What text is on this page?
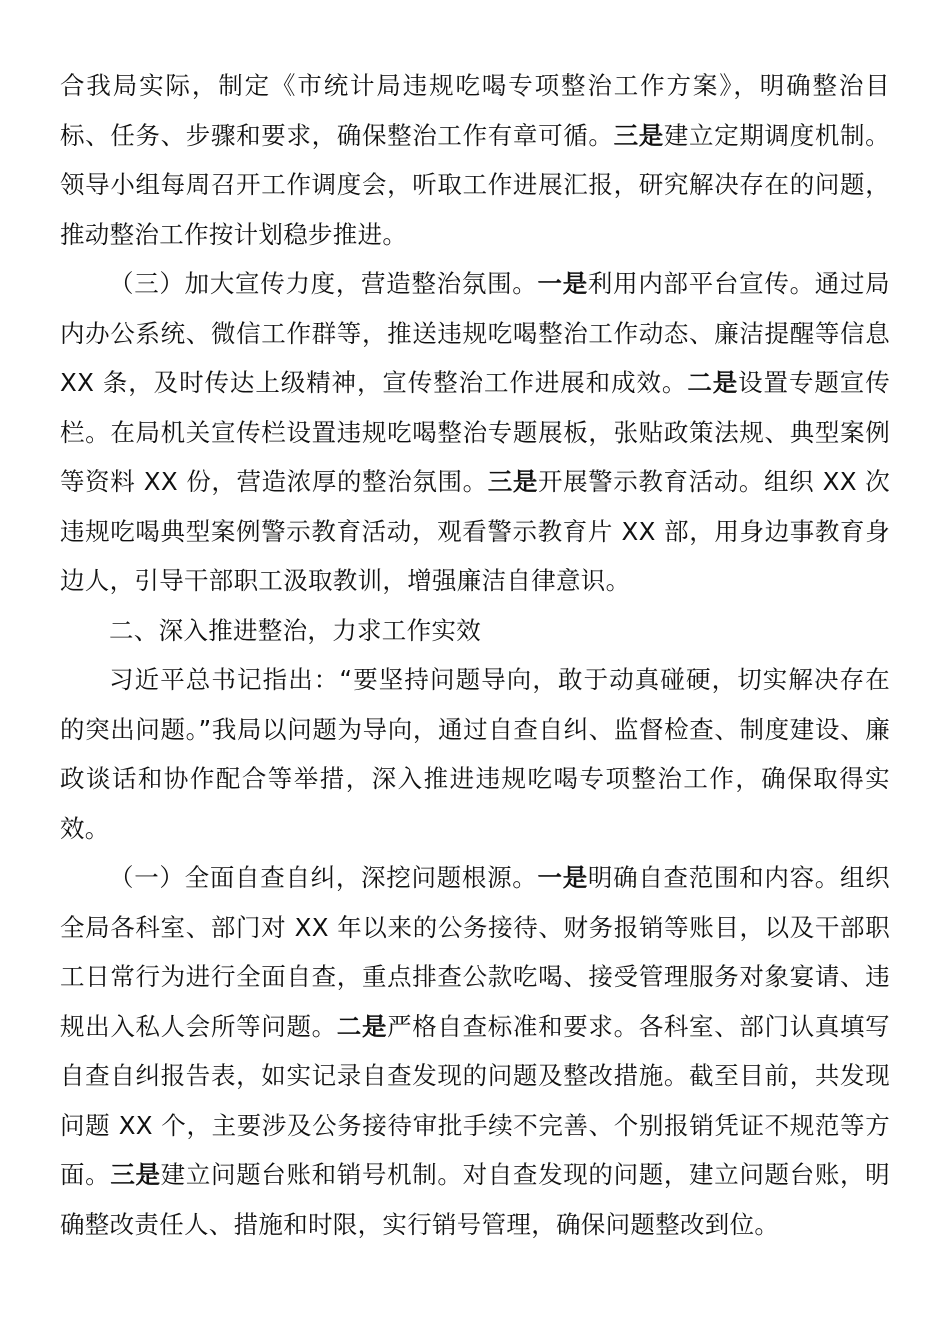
合我局实际，制定《市统计局违规吃喝专项整治工作方案》，明确整治目标、任务、步骤和要求，确保整治工作有章可循。三是建立定期调度机制。领导小组每周召开工作调度会，听取工作进展汇报，研究解决存在的问题，推动整治工作按计划稳步推进。

（三）加大宣传力度，营造整治氛围。一是利用内部平台宣传。通过局内办公系统、微信工作群等，推送违规吃喝整治工作动态、廉洁提醒等信息 XX 条，及时传达上级精神，宣传整治工作进展和成效。二是设置专题宣传栏。在局机关宣传栏设置违规吃喝整治专题展板，张贴政策法规、典型案例等资料 XX 份，营造浓厚的整治氛围。三是开展警示教育活动。组织 XX 次违规吃喝典型案例警示教育活动，观看警示教育片 XX 部，用身边事教育身边人，引导干部职工汲取教训，增强廉洁自律意识。

二、深入推进整治，力求工作实效

习近平总书记指出：“要坚持问题导向，敢于动真碰硬，切实解决存在的突出问题。”我局以问题为导向，通过自查自纠、监督检查、制度建设、廉政谈话和协作配合等举措，深入推进违规吃喝专项整治工作，确保取得实效。

（一）全面自查自纠，深挖问题根源。一是明确自查范围和内容。组织全局各科室、部门对 XX 年以来的公务接待、财务报销等账目，以及干部职工日常行为进行全面自查，重点排查公款吃喝、接受管理服务对象宴请、违规出入私人会所等问题。二是严格自查标准和要求。各科室、部门认真填写自查自纠报告表，如实记录自查发现的问题及整改措施。截至目前，共发现问题 XX 个，主要涉及公务接待审批手续不完善、个别报销凭证不规范等方面。三是建立问题台账和销号机制。对自查发现的问题，建立问题台账，明确整改责任人、措施和时限，实行销号管理，确保问题整改到位。
